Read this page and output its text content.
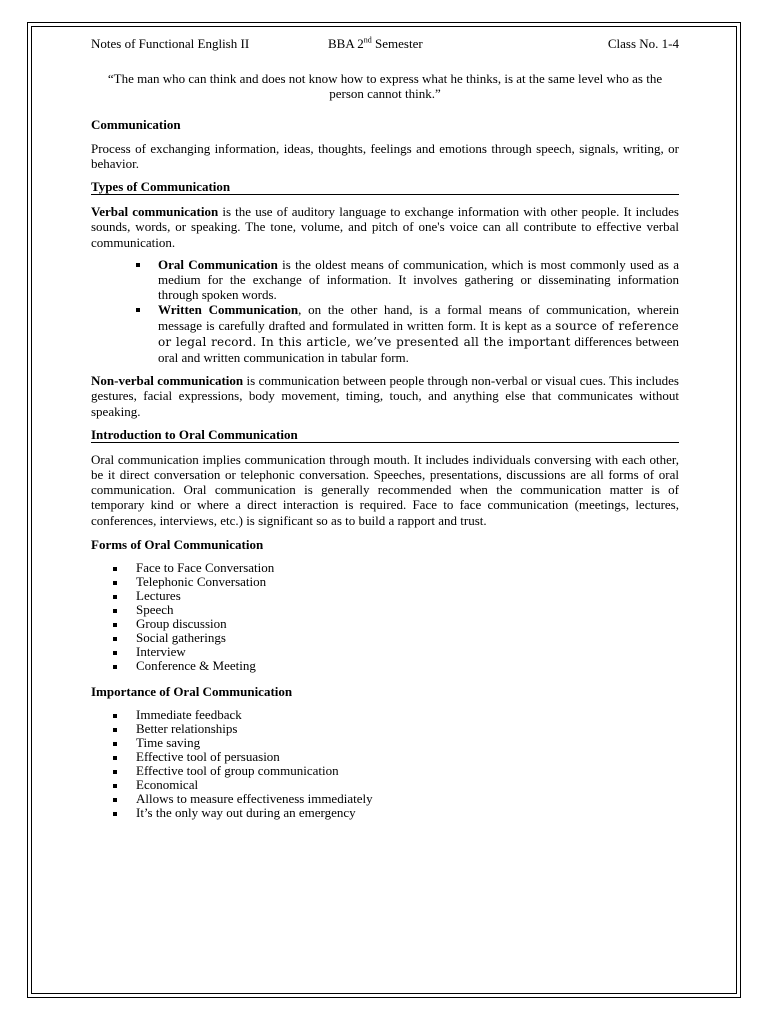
Notes of Functional English II	BBA 2nd Semester	Class No. 1-4

“The man who can think and does not know how to express what he thinks, is at the same level who as the person cannot think.”

Communication

Process of exchanging information, ideas, thoughts, feelings and emotions through speech, signals, writing, or behavior.

Types of Communication

Verbal communication is the use of auditory language to exchange information with other people. It includes sounds, words, or speaking. The tone, volume, and pitch of one's voice can all contribute to effective verbal communication.

Oral Communication is the oldest means of communication, which is most commonly used as a medium for the exchange of information. It involves gathering or disseminating information through spoken words.
Written Communication, on the other hand, is a formal means of communication, wherein message is carefully drafted and formulated in written form. It is kept as a source of reference or legal record. In this article, we’ve presented all the important differences between oral and written communication in tabular form.

Non-verbal communication is communication between people through non-verbal or visual cues. This includes gestures, facial expressions, body movement, timing, touch, and anything else that communicates without speaking.

Introduction to Oral Communication

Oral communication implies communication through mouth. It includes individuals conversing with each other, be it direct conversation or telephonic conversation. Speeches, presentations, discussions are all forms of oral communication. Oral communication is generally recommended when the communication matter is of temporary kind or where a direct interaction is required. Face to face communication (meetings, lectures, conferences, interviews, etc.) is significant so as to build a rapport and trust.

Forms of Oral Communication

Face to Face Conversation
Telephonic Conversation
Lectures
Speech
Group discussion
Social gatherings
Interview
Conference & Meeting

Importance of Oral Communication

Immediate feedback
Better relationships
Time saving
Effective tool of persuasion
Effective tool of group communication
Economical
Allows to measure effectiveness immediately
It’s the only way out during an emergency
